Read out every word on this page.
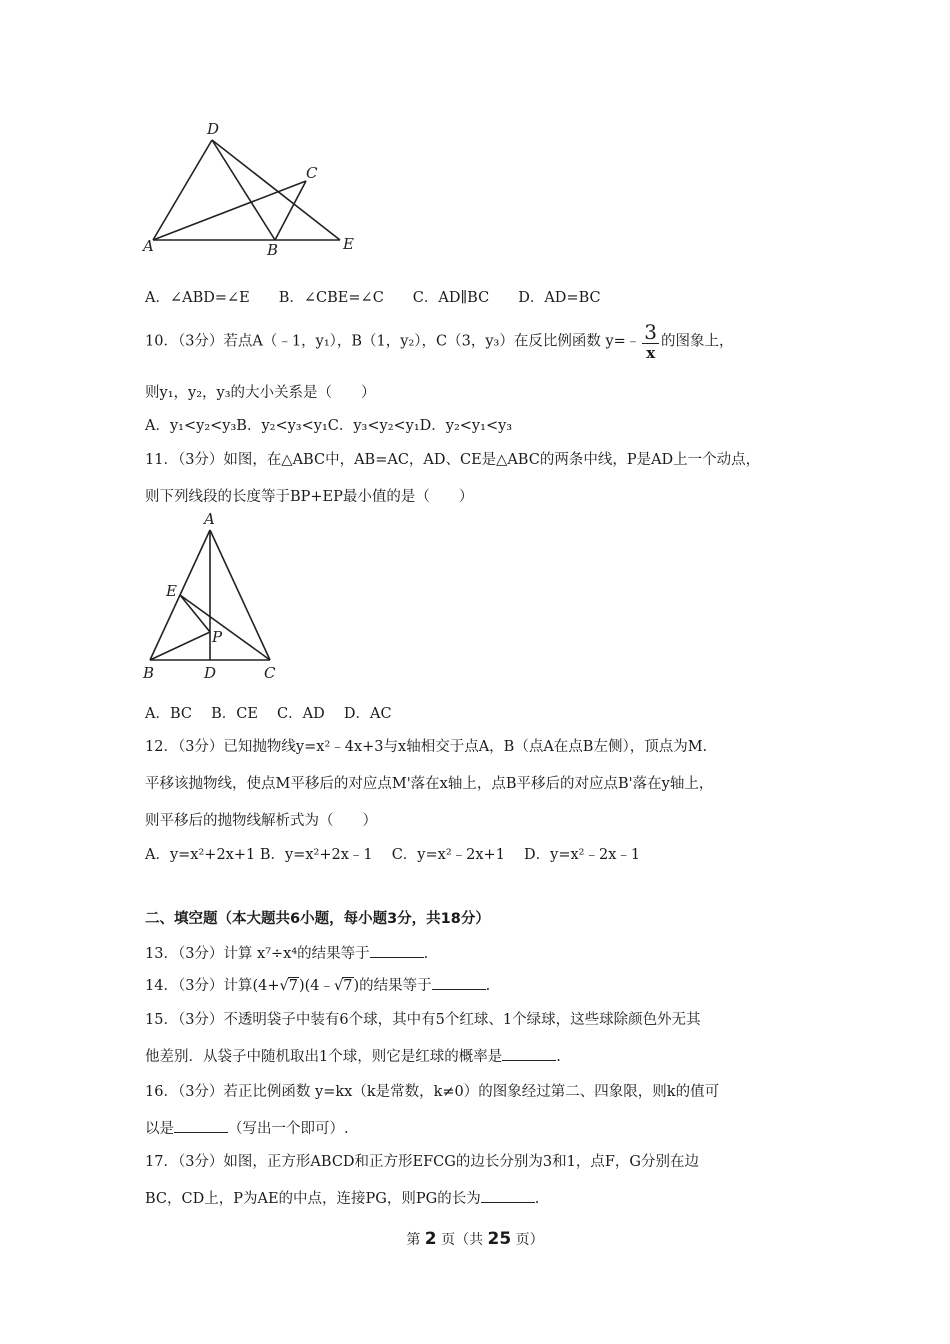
D
C
A	B	E
A．∠ABD=∠E　　B．∠CBE=∠C　　C．AD∥BC　　D．AD=BC
10．（3分）若点A（﹣1，y₁），B（1，y₂），C（3，y₃）在反比例函数 y=﹣ $\frac{3}{x}$ 的图象上，
则y₁，y₂，y₃的大小关系是（　　）
A．y₁<y₂<y₃B．y₂<y₃<y₁C．y₃<y₂<y₁D．y₂<y₁<y₃
11．（3分）如图，在△ABC中，AB=AC，AD、CE是△ABC的两条中线，P是AD上一个动点，
则下列线段的长度等于BP+EP最小值的是（　　）
A
E
P
B	D	C
A．BC　 B．CE　 C．AD　 D．AC
12．（3分）已知抛物线y=x²﹣4x+3与x轴相交于点A，B（点A在点B左侧），顶点为M.
平移该抛物线，使点M平移后的对应点M'落在x轴上，点B平移后的对应点B'落在y轴上，
则平移后的抛物线解析式为（　　）
A．y=x²+2x+1 B．y=x²+2x﹣1　 C．y=x²﹣2x+1　 D．y=x²﹣2x﹣1
二、填空题（本大题共6小题，每小题3分，共18分）
13．（3分）计算 x⁷÷x⁴的结果等于	.
14．（3分）计算(4+√7)(4﹣√7)的结果等于	.
15．（3分）不透明袋子中装有6个球，其中有5个红球、1个绿球，这些球除颜色外无其
他差别．从袋子中随机取出1个球，则它是红球的概率是	.
16．（3分）若正比例函数 y=kx（k是常数，k≠0）的图象经过第二、四象限，则k的值可
以是	（写出一个即可）.
17．（3分）如图，正方形ABCD和正方形EFCG的边长分别为3和1，点F，G分别在边
BC，CD上，P为AE的中点，连接PG，则PG的长为	.
第 2 页（共 25 页）
